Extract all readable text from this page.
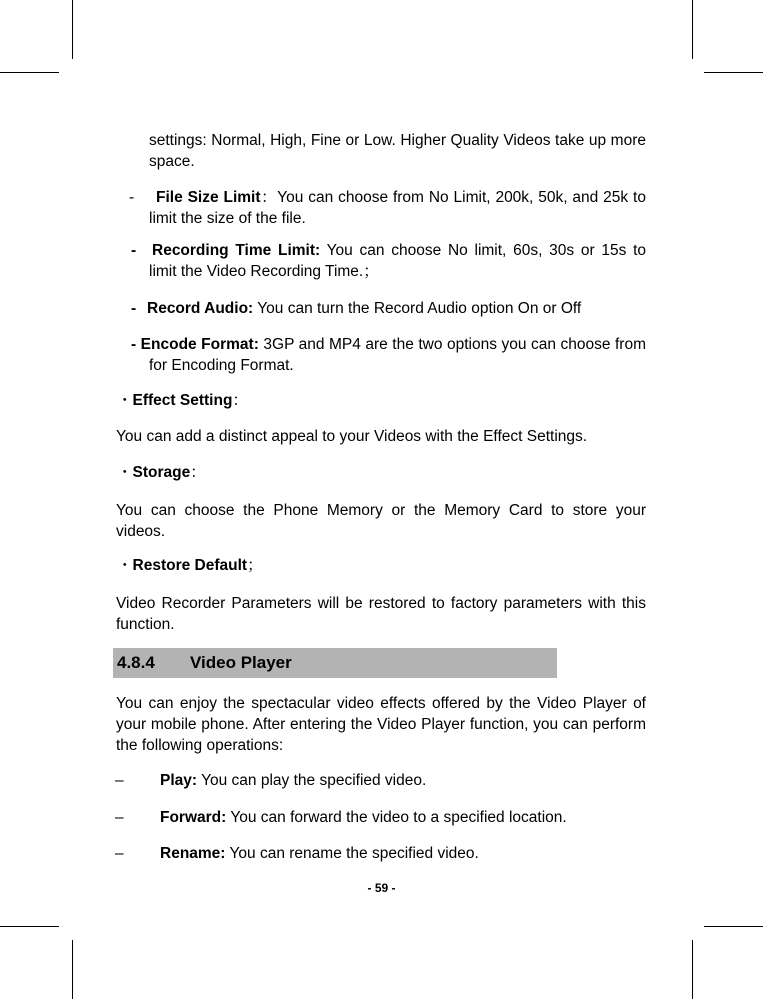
settings: Normal, High, Fine or Low. Higher Quality Videos take up more space.
-	File Size Limit：You can choose from No Limit, 200k, 50k, and 25k to limit the size of the file.
- Recording Time Limit: You can choose No limit, 60s, 30s or 15s to limit the Video Recording Time.；
- Record Audio: You can turn the Record Audio option On or Off
- Encode Format: 3GP and MP4 are the two options you can choose from for Encoding Format.
・Effect Setting：
You can add a distinct appeal to your Videos with the Effect Settings.
・Storage：
You can choose the Phone Memory or the Memory Card to store your videos.
・Restore Default；
Video Recorder Parameters will be restored to factory parameters with this function.
4.8.4 Video Player
You can enjoy the spectacular video effects offered by the Video Player of your mobile phone. After entering the Video Player function, you can perform the following operations:
– Play: You can play the specified video.
– Forward: You can forward the video to a specified location.
– Rename: You can rename the specified video.
- 59 -
